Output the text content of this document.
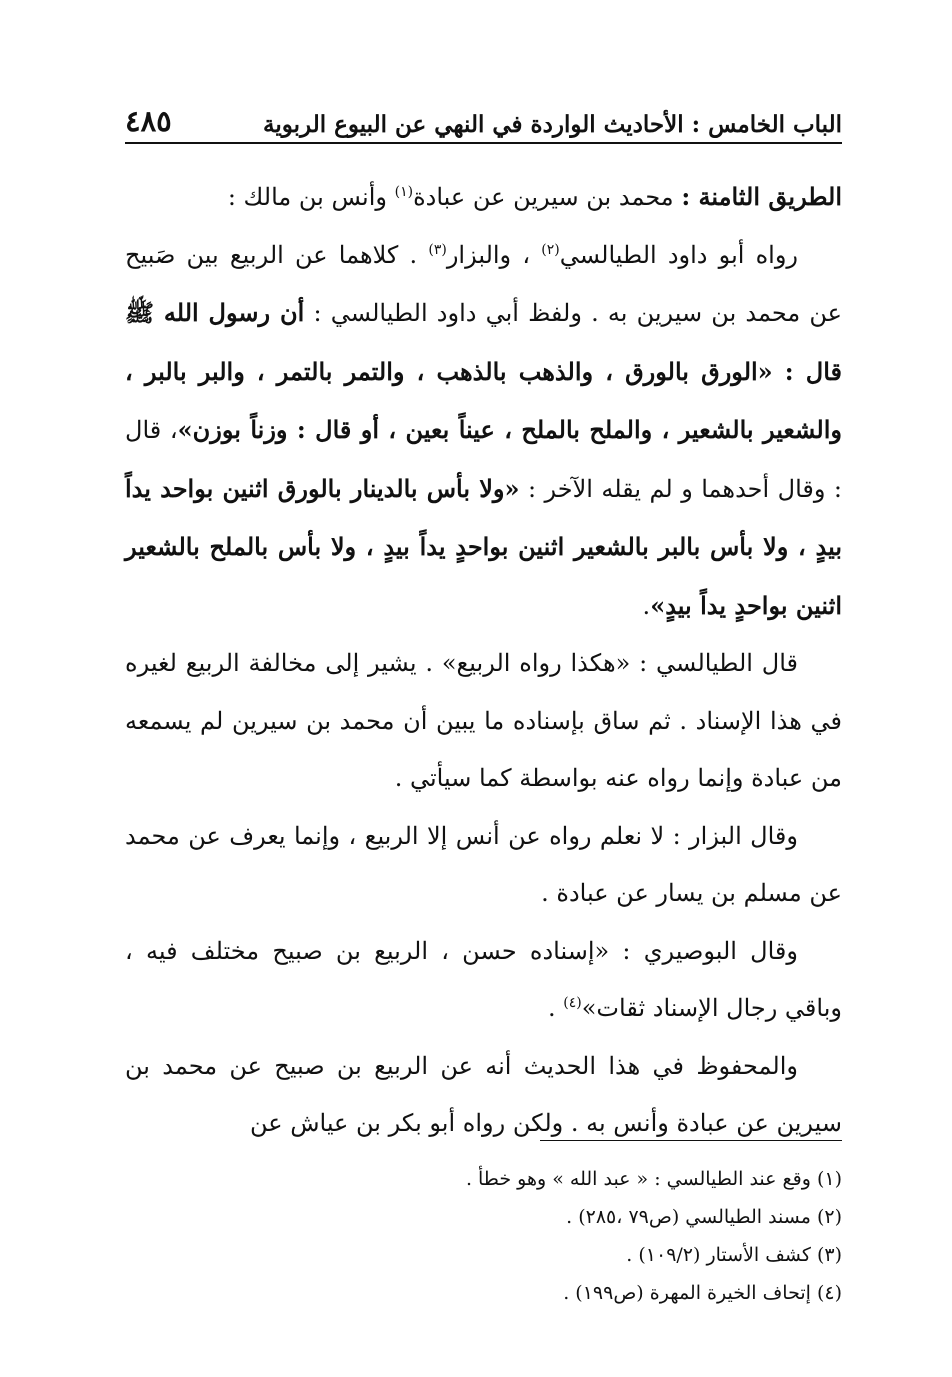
الباب الخامس : الأحاديث الواردة في النهي عن البيوع الربوية
٤٨٥

الطريق الثامنة : محمد بن سيرين عن عبادة$^{(١)}$ وأنس بن مالك :

رواه أبو داود الطيالسي$^{(٢)}$ ، والبزار$^{(٣)}$ . كلاهما عن الربيع بين صَبيح عن محمد بن سيرين به . ولفظ أبي داود الطيالسي : أن رسول الله ﷺ قال : «الورق بالورق ، والذهب بالذهب ، والتمر بالتمر ، والبر بالبر ، والشعير بالشعير ، والملح بالملح ، عيناً بعين ، أو قال : وزناً بوزن»، قال : وقال أحدهما و لم يقله الآخر : «ولا بأس بالدينار بالورق اثنين بواحد يداً بيدٍ ، ولا بأس بالبر بالشعير اثنين بواحدٍ يداً بيدٍ ، ولا بأس بالملح بالشعير اثنين بواحدٍ يداً بيدٍ».

قال الطيالسي : «هكذا رواه الربيع» . يشير إلى مخالفة الربيع لغيره في هذا الإسناد . ثم ساق بإسناده ما يبين أن محمد بن سيرين لم يسمعه من عبادة وإنما رواه عنه بواسطة كما سيأتي .

وقال البزار : لا نعلم رواه عن أنس إلا الربيع ، وإنما يعرف عن محمد عن مسلم بن يسار عن عبادة .

وقال البوصيري : «إسناده حسن ، الربيع بن صبيح مختلف فيه ، وباقي رجال الإسناد ثقات»$^{(٤)}$ .

والمحفوظ في هذا الحديث أنه عن الربيع بن صبيح عن محمد بن سيرين عن عبادة وأنس به . ولكن رواه أبو بكر بن عياش عن

(١) وقع عند الطيالسي : « عبد الله » وهو خطأ .
(٢) مسند الطيالسي (ص٧٩ ،٢٨٥) .
(٣) كشف الأستار (١٠٩/٢) .
(٤) إتحاف الخيرة المهرة (ص١٩٩) .
